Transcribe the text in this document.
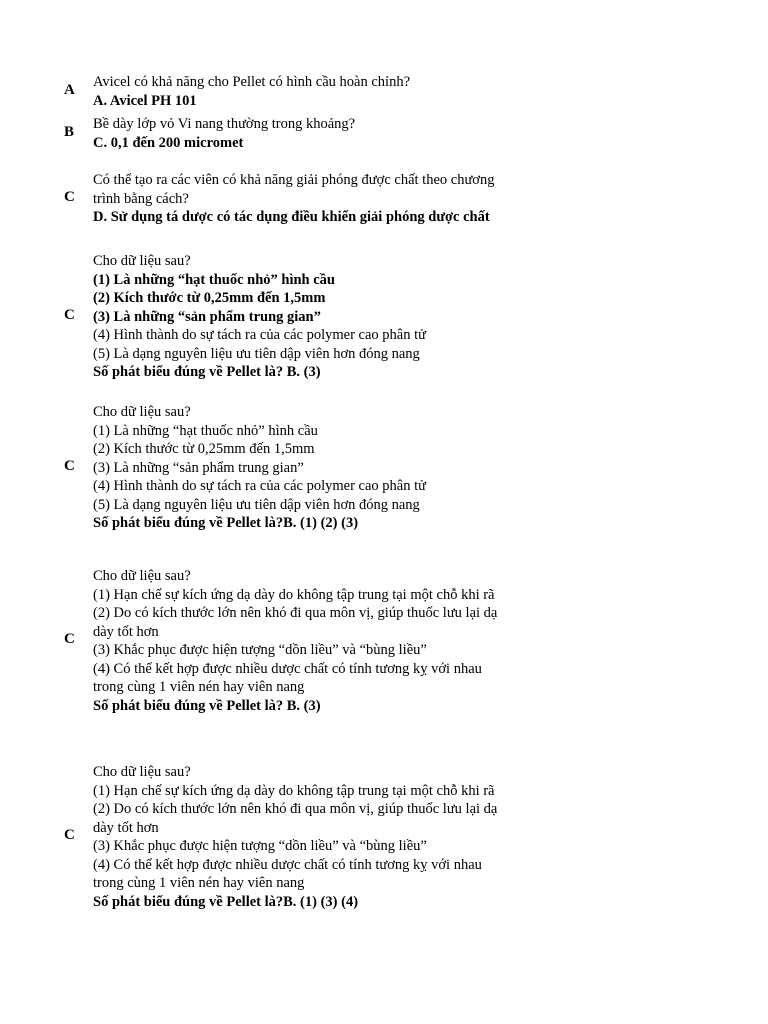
A Avicel có khả năng cho Pellet có hình cầu hoàn chỉnh?
A. Avicel PH 101
B Bề dày lớp vỏ Vi nang thường trong khoảng?
C. 0,1 đến 200 micromet
C
Có thể tạo ra các viên có khả năng giải phóng được chất theo chương
trình bằng cách?
D. Sử dụng tá dược có tác dụng điều khiển giải phóng dược chất
C
Cho dữ liệu sau?
(1) Là những “hạt thuốc nhỏ” hình cầu
(2) Kích thước từ 0,25mm đến 1,5mm
(3) Là những “sản phẩm trung gian”
(4) Hình thành do sự tách ra của các polymer cao phân tử
(5) Là dạng nguyên liệu ưu tiên dập viên hơn đóng nang
Số phát biểu đúng về Pellet là? B. (3)
C
Cho dữ liệu sau?
(1) Là những “hạt thuốc nhỏ” hình cầu
(2) Kích thước từ 0,25mm đến 1,5mm
(3) Là những “sản phẩm trung gian”
(4) Hình thành do sự tách ra của các polymer cao phân tử
(5) Là dạng nguyên liệu ưu tiên dập viên hơn đóng nang
Số phát biểu đúng về Pellet là?B. (1) (2) (3)
C
Cho dữ liệu sau?
(1) Hạn chế sự kích ứng dạ dày do không tập trung tại một chỗ khi rã
(2) Do có kích thước lớn nên khó đi qua môn vị, giúp thuốc lưu lại dạ
dày tốt hơn
(3) Khắc phục được hiện tượng “dồn liều” và “bùng liều”
(4) Có thể kết hợp được nhiều dược chất có tính tương kỵ với nhau
trong cùng 1 viên nén hay viên nang
Số phát biểu đúng về Pellet là? B. (3)
C
Cho dữ liệu sau?
(1) Hạn chế sự kích ứng dạ dày do không tập trung tại một chỗ khi rã
(2) Do có kích thước lớn nên khó đi qua môn vị, giúp thuốc lưu lại dạ
dày tốt hơn
(3) Khắc phục được hiện tượng “dồn liều” và “bùng liều”
(4) Có thể kết hợp được nhiều dược chất có tính tương kỵ với nhau
trong cùng 1 viên nén hay viên nang
Số phát biểu đúng về Pellet là?B. (1) (3) (4)
